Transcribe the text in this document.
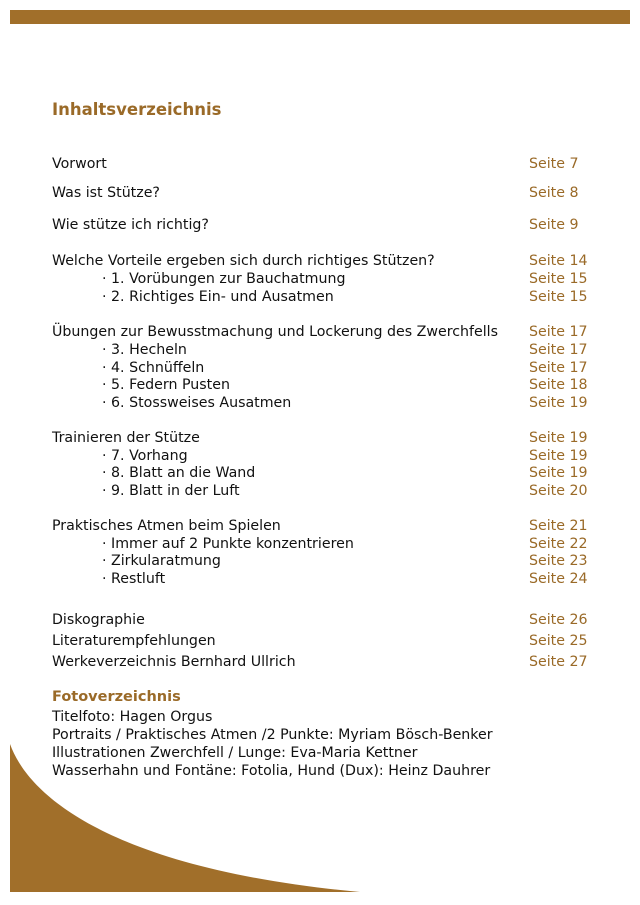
Inhaltsverzeichnis
Vorwort	Seite 7
Was ist Stütze?	Seite 8
Wie stütze ich richtig?	Seite 9
Welche Vorteile ergeben sich durch richtiges Stützen?	Seite 14
· 1. Vorübungen zur Bauchatmung	Seite 15
· 2. Richtiges Ein- und Ausatmen	Seite 15
Übungen zur Bewusstmachung und Lockerung des Zwerchfells Seite 17
· 3. Hecheln	Seite 17
· 4. Schnüffeln	Seite 17
· 5. Federn Pusten	Seite 18
· 6. Stossweises Ausatmen	Seite 19
Trainieren der Stütze	Seite 19
· 7. Vorhang	Seite 19
· 8. Blatt an die Wand	Seite 19
· 9. Blatt in der Luft	Seite 20
Praktisches Atmen beim Spielen	Seite 21
· Immer auf 2 Punkte konzentrieren	Seite 22
· Zirkularatmung	Seite 23
· Restluft	Seite 24
Diskographie	Seite 26
Literaturempfehlungen	Seite 25
Werkeverzeichnis Bernhard Ullrich	Seite 27
Fotoverzeichnis
Titelfoto: Hagen Orgus
Portraits / Praktisches Atmen /2 Punkte: Myriam Bösch-Benker
Illustrationen Zwerchfell / Lunge: Eva-Maria Kettner
Wasserhahn und Fontäne: Fotolia, Hund (Dux): Heinz Dauhrer
